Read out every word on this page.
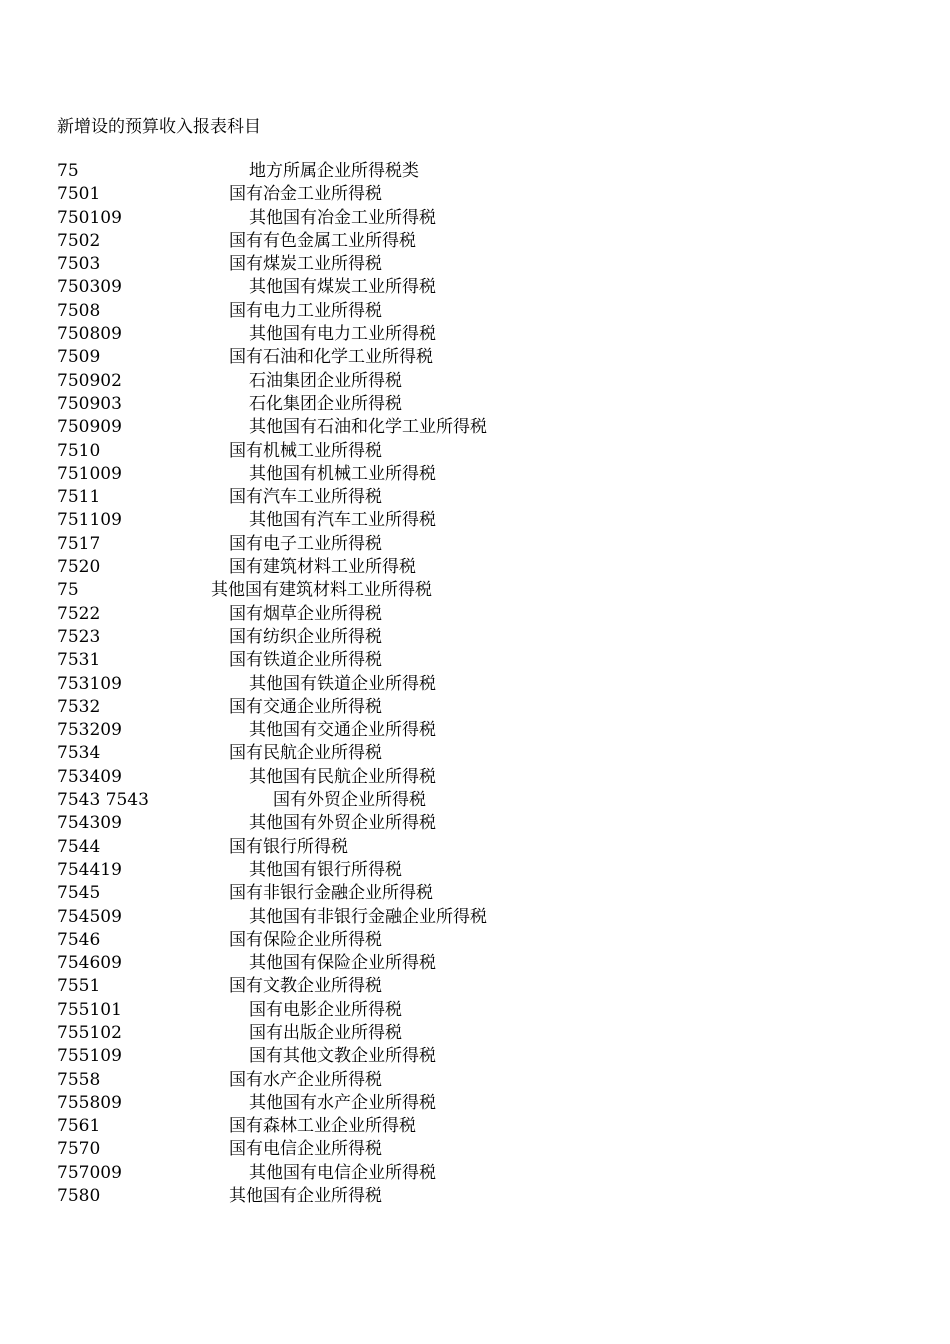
新增设的预算收入报表科目
75	地方所属企业所得税类
7501	国有冶金工业所得税
750109	其他国有冶金工业所得税
7502	国有有色金属工业所得税
7503	国有煤炭工业所得税
750309	其他国有煤炭工业所得税
7508	国有电力工业所得税
750809	其他国有电力工业所得税
7509	国有石油和化学工业所得税
750902	石油集团企业所得税
750903	石化集团企业所得税
750909	其他国有石油和化学工业所得税
7510	国有机械工业所得税
751009	其他国有机械工业所得税
7511	国有汽车工业所得税
751109	其他国有汽车工业所得税
7517	国有电子工业所得税
7520	国有建筑材料工业所得税
75	其他国有建筑材料工业所得税
7522	国有烟草企业所得税
7523	国有纺织企业所得税
7531	国有铁道企业所得税
753109	其他国有铁道企业所得税
7532	国有交通企业所得税
753209	其他国有交通企业所得税
7534	国有民航企业所得税
753409	其他国有民航企业所得税
7543 7543	国有外贸企业所得税
754309	其他国有外贸企业所得税
7544	国有银行所得税
754419	其他国有银行所得税
7545	国有非银行金融企业所得税
754509	其他国有非银行金融企业所得税
7546	国有保险企业所得税
754609	其他国有保险企业所得税
7551	国有文教企业所得税
755101	国有电影企业所得税
755102	国有出版企业所得税
755109	国有其他文教企业所得税
7558	国有水产企业所得税
755809	其他国有水产企业所得税
7561	国有森林工业企业所得税
7570	国有电信企业所得税
757009	其他国有电信企业所得税
7580	其他国有企业所得税
